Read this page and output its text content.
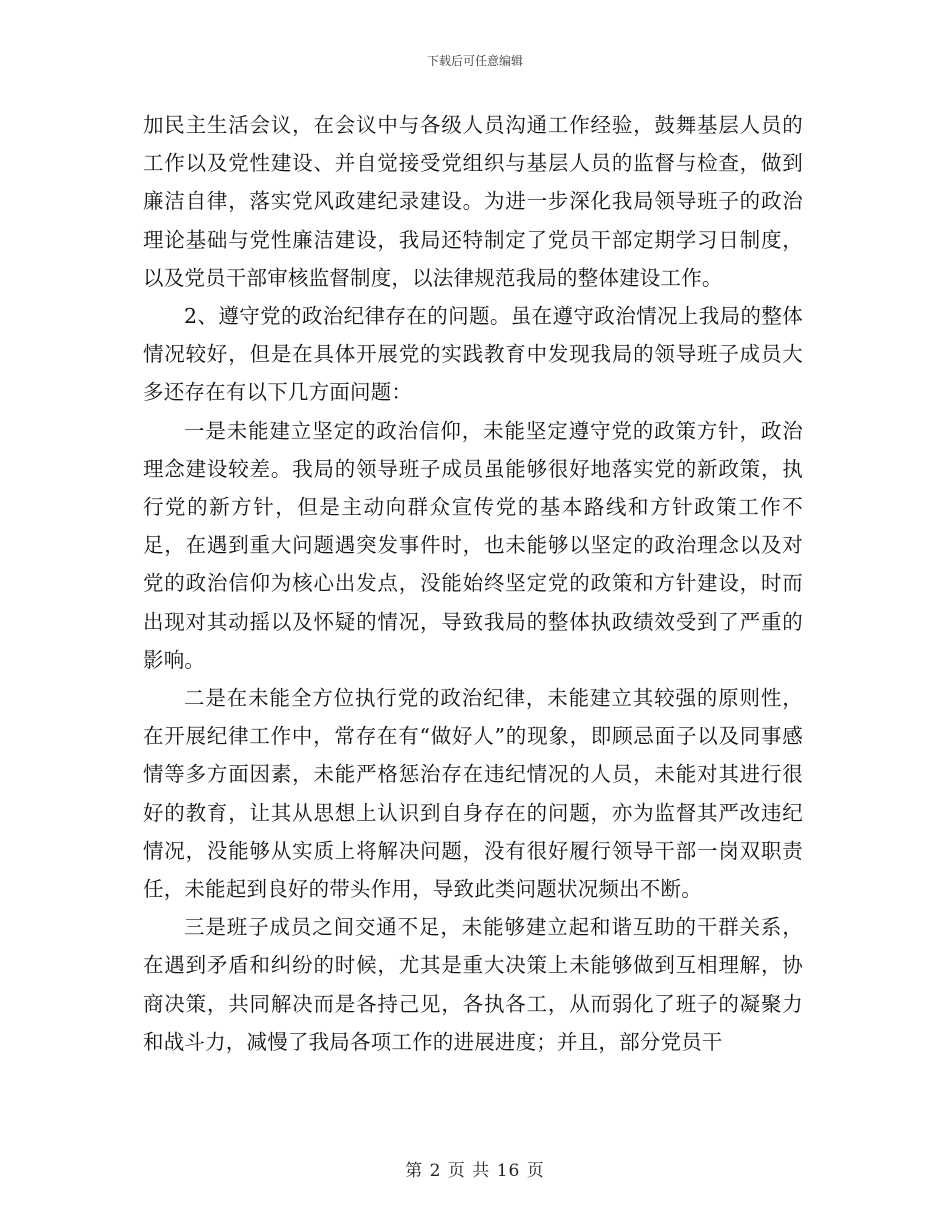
下载后可任意编辑

加民主生活会议，在会议中与各级人员沟通工作经验，鼓舞基层人员的工作以及党性建设、并自觉接受党组织与基层人员的监督与检查，做到廉洁自律，落实党风政建纪录建设。为进一步深化我局领导班子的政治理论基础与党性廉洁建设，我局还特制定了党员干部定期学习日制度，以及党员干部审核监督制度，以法律规范我局的整体建设工作。

2、遵守党的政治纪律存在的问题。虽在遵守政治情况上我局的整体情况较好，但是在具体开展党的实践教育中发现我局的领导班子成员大多还存在有以下几方面问题：

一是未能建立坚定的政治信仰，未能坚定遵守党的政策方针，政治理念建设较差。我局的领导班子成员虽能够很好地落实党的新政策，执行党的新方针，但是主动向群众宣传党的基本路线和方针政策工作不足，在遇到重大问题遇突发事件时，也未能够以坚定的政治理念以及对党的政治信仰为核心出发点，没能始终坚定党的政策和方针建设，时而出现对其动摇以及怀疑的情况，导致我局的整体执政绩效受到了严重的影响。

二是在未能全方位执行党的政治纪律，未能建立其较强的原则性，在开展纪律工作中，常存在有“做好人”的现象，即顾忌面子以及同事感情等多方面因素，未能严格惩治存在违纪情况的人员，未能对其进行很好的教育，让其从思想上认识到自身存在的问题，亦为监督其严改违纪情况，没能够从实质上将解决问题，没有很好履行领导干部一岗双职责任，未能起到良好的带头作用，导致此类问题状况频出不断。

三是班子成员之间交通不足，未能够建立起和谐互助的干群关系，在遇到矛盾和纠纷的时候，尤其是重大决策上未能够做到互相理解，协商决策，共同解决而是各持己见，各执各工，从而弱化了班子的凝聚力和战斗力，减慢了我局各项工作的进展进度；并且，部分党员干

第 2 页 共 16 页
